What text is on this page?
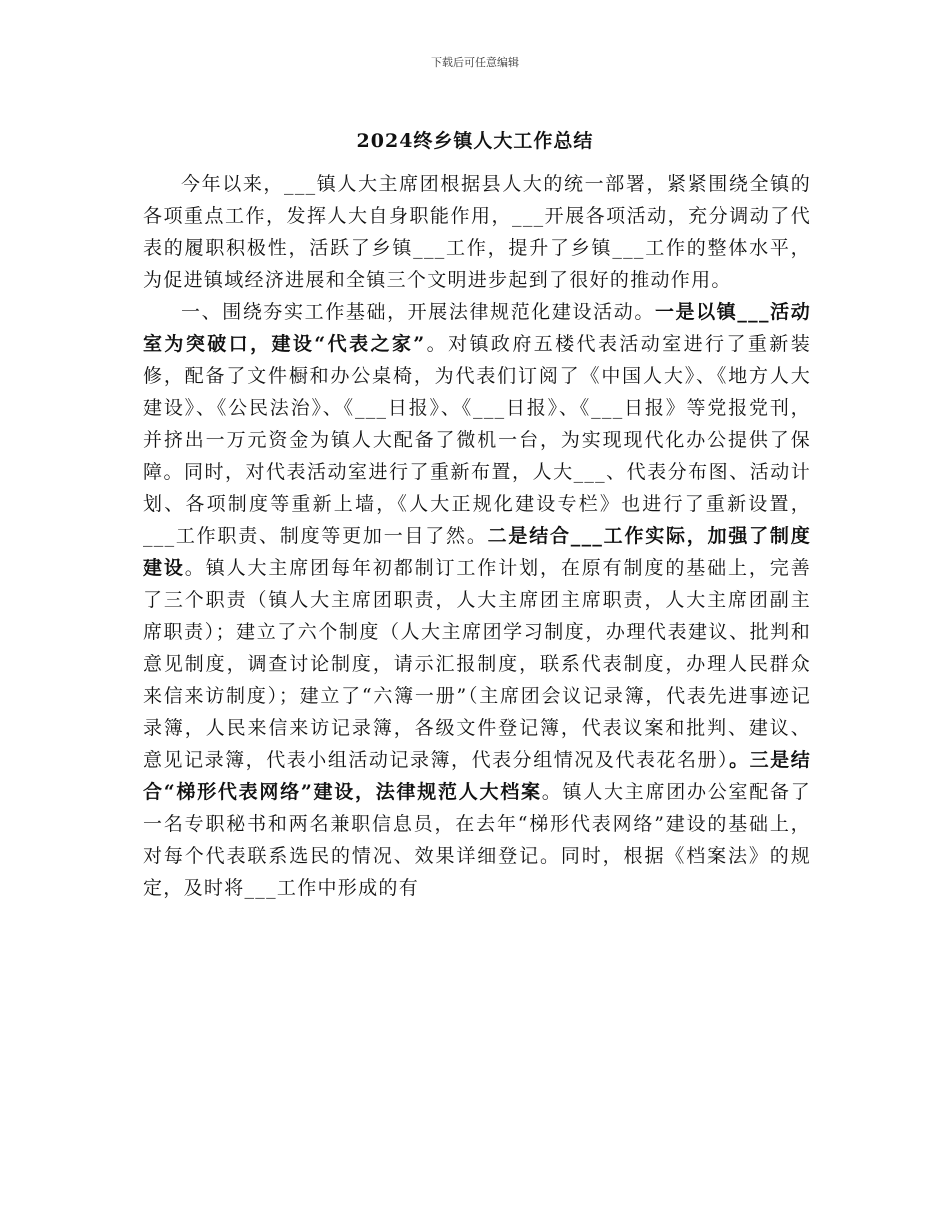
下载后可任意编辑
2024终乡镇人大工作总结

今年以来，___镇人大主席团根据县人大的统一部署，紧紧围绕全镇的各项重点工作，发挥人大自身职能作用，___开展各项活动，充分调动了代表的履职积极性，活跃了乡镇___工作，提升了乡镇___工作的整体水平，为促进镇域经济进展和全镇三个文明进步起到了很好的推动作用。

一、围绕夯实工作基础，开展法律规范化建设活动。一是以镇___活动室为突破口，建设“代表之家”。对镇政府五楼代表活动室进行了重新装修，配备了文件橱和办公桌椅，为代表们订阅了《中国人大》、《地方人大建设》、《公民法治》、《___日报》、《___日报》、《___日报》等党报党刊，并挤出一万元资金为镇人大配备了微机一台，为实现现代化办公提供了保障。同时，对代表活动室进行了重新布置，人大___、代表分布图、活动计划、各项制度等重新上墙，《人大正规化建设专栏》也进行了重新设置，___工作职责、制度等更加一目了然。二是结合___工作实际，加强了制度建设。镇人大主席团每年初都制订工作计划，在原有制度的基础上，完善了三个职责（镇人大主席团职责，人大主席团主席职责，人大主席团副主席职责）；建立了六个制度（人大主席团学习制度，办理代表建议、批判和意见制度，调查讨论制度，请示汇报制度，联系代表制度，办理人民群众来信来访制度）；建立了“六簿一册”（主席团会议记录簿，代表先进事迹记录簿，人民来信来访记录簿，各级文件登记簿，代表议案和批判、建议、意见记录簿，代表小组活动记录簿，代表分组情况及代表花名册）。三是结合“梯形代表网络”建设，法律规范人大档案。镇人大主席团办公室配备了一名专职秘书和两名兼职信息员，在去年“梯形代表网络”建设的基础上，对每个代表联系选民的情况、效果详细登记。同时，根据《档案法》的规定，及时将___工作中形成的有
